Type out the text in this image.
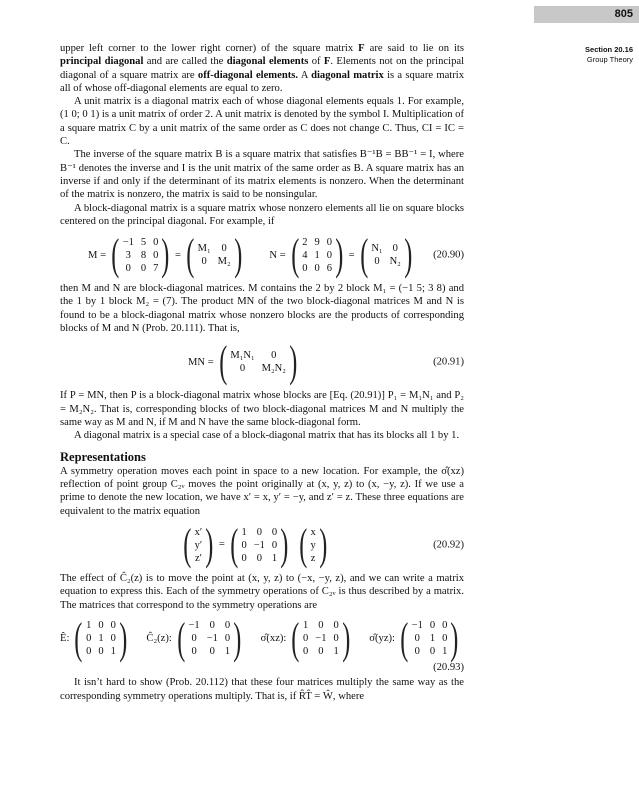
805
Section 20.16
Group Theory

upper left corner to the lower right corner) of the square matrix F are said to lie on its principal diagonal and are called the diagonal elements of F. Elements not on the principal diagonal of a square matrix are off-diagonal elements. A diagonal matrix is a square matrix all of whose off-diagonal elements are equal to zero.

A unit matrix is a diagonal matrix each of whose diagonal elements equals 1. For example, (1 0; 0 1) is a unit matrix of order 2. A unit matrix is denoted by the symbol I. Multiplication of a square matrix C by a unit matrix of the same order as C does not change C. Thus, CI = IC = C.

The inverse of the square matrix B is a square matrix that satisfies B⁻¹B = BB⁻¹ = I, where B⁻¹ denotes the inverse and I is the unit matrix of the same order as B. A square matrix has an inverse if and only if the determinant of its matrix elements is nonzero. When the determinant of the matrix is nonzero, the matrix is said to be nonsingular.

A block-diagonal matrix is a square matrix whose nonzero elements all lie on square blocks centered on the principal diagonal. For example, if

M = ( −1 5 0
3 8 0
0 0 7 ) = ( M₁	0
0	M₂ )	N = ( 2 9 0
4 1 0
0 0 6 ) = ( N₁ 0
0 N₂ ) (20.90)

then M and N are block-diagonal matrices. M contains the 2 by 2 block M₁ = (−1 5; 3 8) and the 1 by 1 block M₂ = (7). The product MN of the two block-diagonal matrices M and N is found to be a block-diagonal matrix whose nonzero blocks are the products of corresponding blocks of M and N (Prob. 20.111). That is,

MN = ( M₁N₁	0
0	M₂N₂ )	(20.91)

If P = MN, then P is a block-diagonal matrix whose blocks are [Eq. (20.91)] P₁ = M₁N₁ and P₂ = M₂N₂. That is, corresponding blocks of two block-diagonal matrices M and N multiply the same way as M and N, if M and N have the same block-diagonal form.

A diagonal matrix is a special case of a block-diagonal matrix that has its blocks all 1 by 1.

Representations

A symmetry operation moves each point in space to a new location. For example, the σ̂(xz) reflection of point group C₂ᵥ moves the point originally at (x, y, z) to (x, −y, z). If we use a prime to denote the new location, we have x′ = x, y′ = −y, and z′ = z. These three equations are equivalent to the matrix equation

( x′
y′
z′ ) = ( 1 0 0
0 −1 0
0 0 1 ) ( x
y
z )	(20.92)

The effect of Ĉ₂(z) is to move the point at (x, y, z) to (−x, −y, z), and we can write a matrix equation to express this. Each of the symmetry operations of C₂ᵥ is thus described by a matrix. The matrices that correspond to the symmetry operations are

Ê: ( 1 0 0
0 1 0
0 0 1 ) Ĉ₂(z): ( −1 0 0
0 −1 0
0 0 1 ) σ̂(xz): ( 1 0 0
0 −1 0
0 0 1 ) σ̂(yz): ( −1 0 0
0 1 0
0 0 1 )
(20.93)

It isn’t hard to show (Prob. 20.112) that these four matrices multiply the same way as the corresponding symmetry operations multiply. That is, if R̂T̂ = Ŵ, where
